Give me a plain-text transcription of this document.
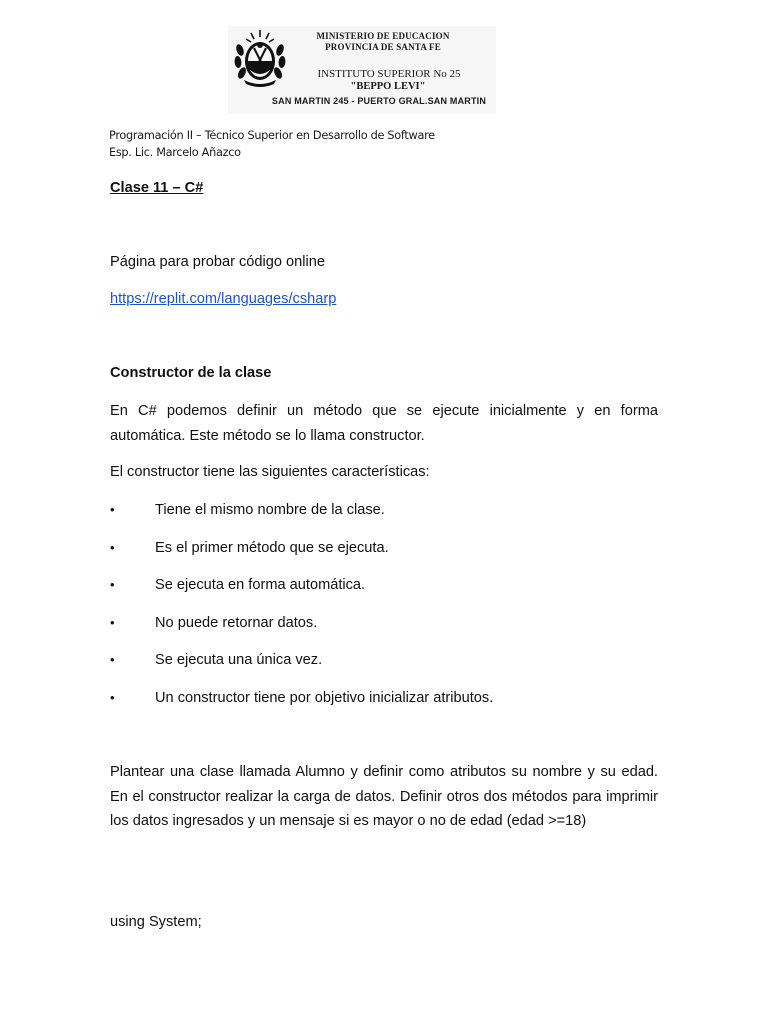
MINISTERIO DE EDUCACION
PROVINCIA DE SANTA FE
INSTITUTO SUPERIOR No 25
"BEPPO LEVI"
SAN MARTIN 245 - PUERTO GRAL.SAN MARTIN
Programación II – Técnico Superior en Desarrollo de Software
Esp. Lic. Marcelo Añazco
Clase 11 – C#
Página para probar código online
https://replit.com/languages/csharp
Constructor de la clase

En C# podemos definir un método que se ejecute inicialmente y en forma automática. Este método se lo llama constructor.

El constructor tiene las siguientes características:
•	Tiene el mismo nombre de la clase.
•	Es el primer método que se ejecuta.
•	Se ejecuta en forma automática.
•	No puede retornar datos.
•	Se ejecuta una única vez.
•	Un constructor tiene por objetivo inicializar atributos.

Plantear una clase llamada Alumno y definir como atributos su nombre y su edad. En el constructor realizar la carga de datos. Definir otros dos métodos para imprimir los datos ingresados y un mensaje si es mayor o no de edad (edad >=18)

using System;
